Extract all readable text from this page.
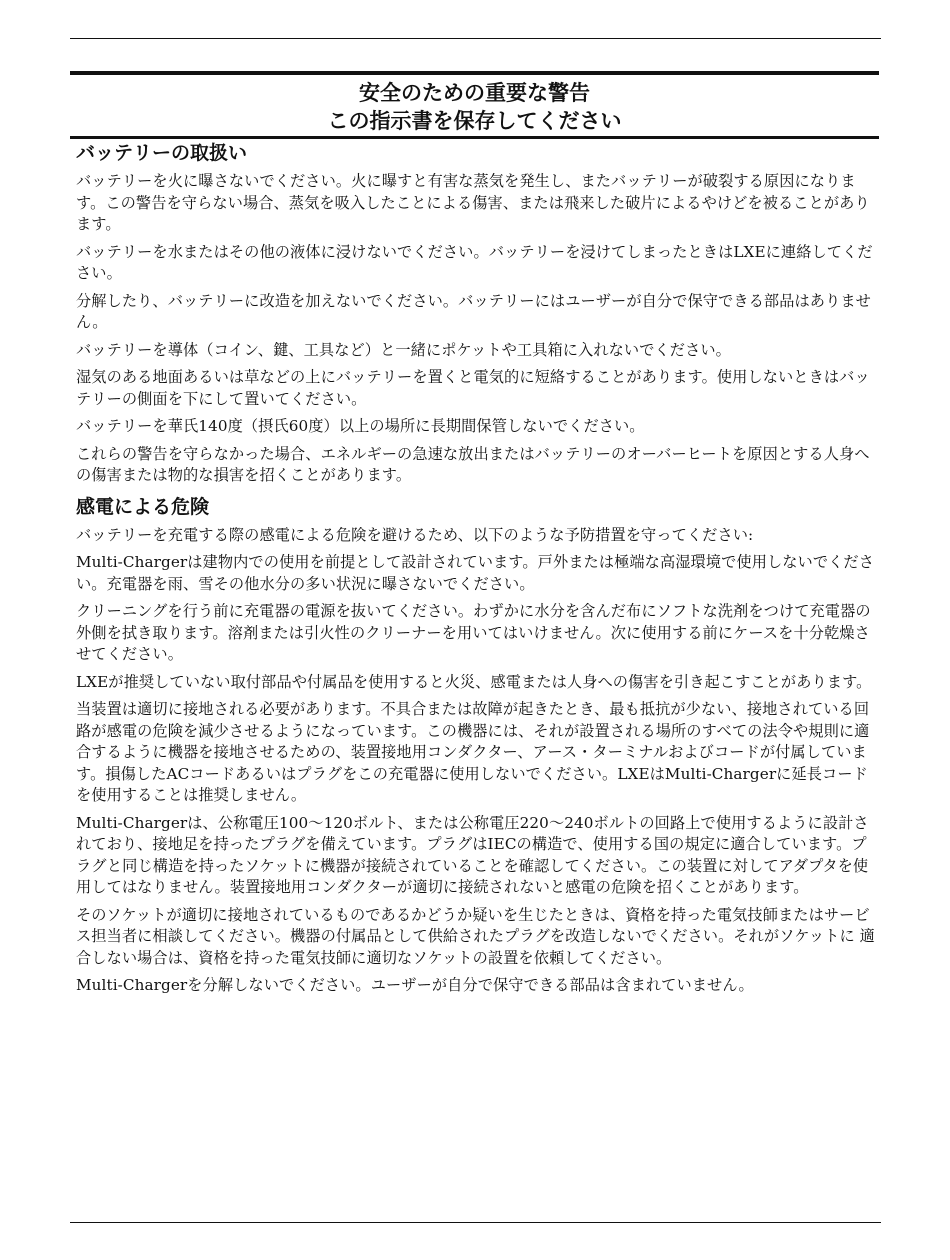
安全のための重要な警告
この指示書を保存してください
バッテリーの取扱い

バッテリーを火に曝さないでください。火に曝すと有害な蒸気を発生し、またバッテリーが破裂する原因になります。この警告を守らない場合、蒸気を吸入したことによる傷害、または飛来した破片によるやけどを被ることがあります。

バッテリーを水またはその他の液体に浸けないでください。バッテリーを浸けてしまったときはLXEに連絡してください。

分解したり、バッテリーに改造を加えないでください。バッテリーにはユーザーが自分で保守できる部品はありません。

バッテリーを導体（コイン、鍵、工具など）と一緒にポケットや工具箱に入れないでください。

湿気のある地面あるいは草などの上にバッテリーを置くと電気的に短絡することがあります。使用しないときはバッテリーの側面を下にして置いてください。

バッテリーを華氏140度（摂氏60度）以上の場所に長期間保管しないでください。

これらの警告を守らなかった場合、エネルギーの急速な放出またはバッテリーのオーバーヒートを原因とする人身への傷害または物的な損害を招くことがあります。

感電による危険

バッテリーを充電する際の感電による危険を避けるため、以下のような予防措置を守ってください:

Multi-Chargerは建物内での使用を前提として設計されています。戸外または極端な高湿環境で使用しないでください。充電器を雨、雪その他水分の多い状況に曝さないでください。

クリーニングを行う前に充電器の電源を抜いてください。わずかに水分を含んだ布にソフトな洗剤をつけて充電器の外側を拭き取ります。溶剤または引火性のクリーナーを用いてはいけません。次に使用する前にケースを十分乾燥させてください。

LXEが推奨していない取付部品や付属品を使用すると火災、感電または人身への傷害を引き起こすことがあります。

当装置は適切に接地される必要があります。不具合または故障が起きたとき、最も抵抗が少ない、接地されている回路が感電の危険を減少させるようになっています。この機器には、それが設置される場所のすべての法令や規則に適合するように機器を接地させるための、装置接地用コンダクター、アース・ターミナルおよびコードが付属しています。損傷したACコードあるいはプラグをこの充電器に使用しないでください。LXEはMulti-Chargerに延長コードを使用することは推奨しません。

Multi-Chargerは、公称電圧100～120ボルト、または公称電圧220～240ボルトの回路上で使用するように設計されており、接地足を持ったプラグを備えています。プラグはIECの構造で、使用する国の規定に適合しています。プラグと同じ構造を持ったソケットに機器が接続されていることを確認してください。この装置に対してアダプタを使用してはなりません。装置接地用コンダクターが適切に接続されないと感電の危険を招くことがあります。

そのソケットが適切に接地されているものであるかどうか疑いを生じたときは、資格を持った電気技師またはサービス担当者に相談してください。機器の付属品として供給されたプラグを改造しないでください。それがソケットに 適合しない場合は、資格を持った電気技師に適切なソケットの設置を依頼してください。

Multi-Chargerを分解しないでください。ユーザーが自分で保守できる部品は含まれていません。
